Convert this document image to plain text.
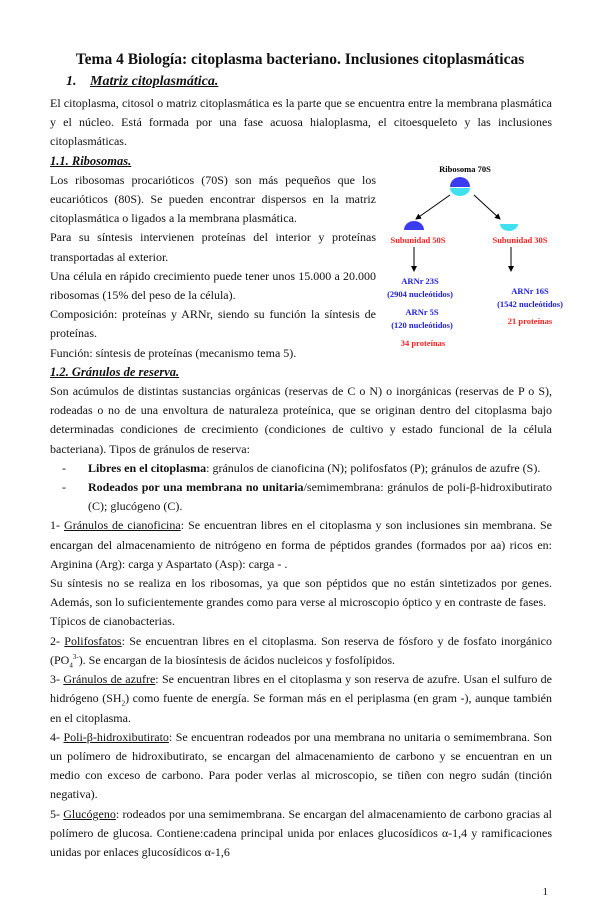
Tema 4 Biología: citoplasma bacteriano. Inclusiones citoplasmáticas
1. Matriz citoplasmática.

El citoplasma, citosol o matriz citoplasmática es la parte que se encuentra entre la membrana plasmática y el núcleo. Está formada por una fase acuosa hialoplasma, el citoesqueleto y las inclusiones citoplasmáticas.

1.1. Ribosomas.

Los ribosomas procarióticos (70S) son más pequeños que los eucarióticos (80S). Se pueden encontrar dispersos en la matriz citoplasmática o ligados a la membrana plasmática.

Para su síntesis intervienen proteínas del interior y proteínas transportadas al exterior.

Una célula en rápido crecimiento puede tener unos 15.000 a 20.000 ribosomas (15% del peso de la célula).

Composición: proteínas y ARNr, siendo su función la síntesis de proteínas.

Función: síntesis de proteínas (mecanismo tema 5).

Ribosoma 70S
Subunidad 50S	Subunidad 30S
ARNr 23S
(2904 nucleótidos)
ARNr 5S
(120 nucleótidos)
34 proteínas
ARNr 16S
(1542 nucleótidos)
21 proteínas
1.2. Gránulos de reserva.

Son acúmulos de distintas sustancias orgánicas (reservas de C o N) o inorgánicas (reservas de P o S), rodeadas o no de una envoltura de naturaleza proteínica, que se originan dentro del citoplasma bajo determinadas condiciones de crecimiento (condiciones de cultivo y estado funcional de la célula bacteriana). Tipos de gránulos de reserva:

- Libres en el citoplasma: gránulos de cianoficina (N); polifosfatos (P); gránulos de azufre (S).
- Rodeados por una membrana no unitaria/semimembrana: gránulos de poli-β-hidroxibutirato (C); glucógeno (C).

1- Gránulos de cianoficina: Se encuentran libres en el citoplasma y son inclusiones sin membrana. Se encargan del almacenamiento de nitrógeno en forma de péptidos grandes (formados por aa) ricos en: Arginina (Arg): carga y Aspartato (Asp): carga - .

Su síntesis no se realiza en los ribosomas, ya que son péptidos que no están sintetizados por genes. Además, son lo suficientemente grandes como para verse al microscopio óptico y en contraste de fases.

Típicos de cianobacterias.

2- Polifosfatos: Se encuentran libres en el citoplasma. Son reserva de fósforo y de fosfato inorgánico $(PO_4^{3-})$. Se encargan de la biosíntesis de ácidos nucleicos y fosfolípidos.

3- Gránulos de azufre: Se encuentran libres en el citoplasma y son reserva de azufre. Usan el sulfuro de hidrógeno $(SH_2)$ como fuente de energía. Se forman más en el periplasma (en gram -), aunque también en el citoplasma.

4- Poli-β-hidroxibutirato: Se encuentran rodeados por una membrana no unitaria o semimembrana. Son un polímero de hidroxibutirato, se encargan del almacenamiento de carbono y se encuentran en un medio con exceso de carbono. Para poder verlas al microscopio, se tiñen con negro sudán (tinción negativa).

5- Glucógeno: rodeados por una semimembrana. Se encargan del almacenamiento de carbono gracias al polímero de glucosa. Contiene:cadena principal unida por enlaces glucosídicos α-1,4 y ramificaciones unidas por enlaces glucosídicos α-1,6

1
